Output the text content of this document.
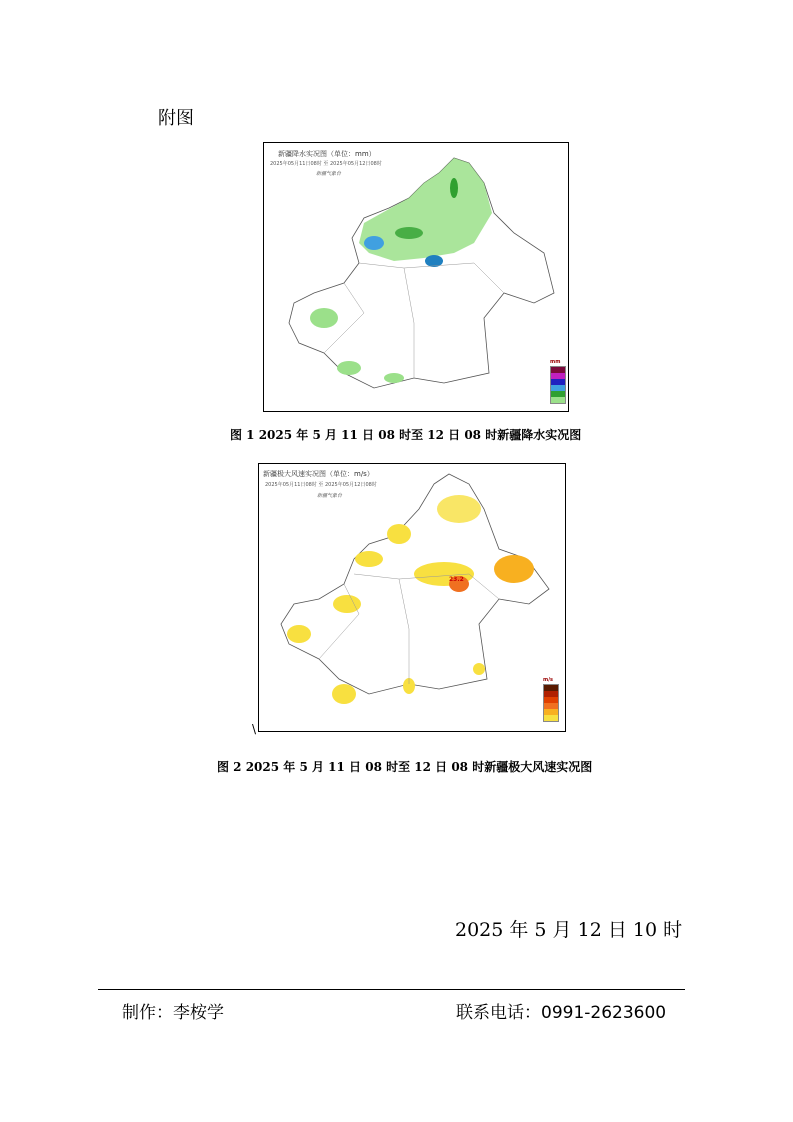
附图
新疆降水实况图（单位：mm）
2025年05月11日08时 至 2025年05月12日08时
新疆气象台
mm
图 1 2025 年 5 月 11 日 08 时至 12 日 08 时新疆降水实况图
新疆极大风速实况图（单位：m/s）
2025年05月11日08时 至 2025年05月12日08时
新疆气象台
23.2
m/s
\
图 2 2025 年 5 月 11 日 08 时至 12 日 08 时新疆极大风速实况图
2025 年 5 月 12 日 10 时
制作：李桉学	联系电话：0991-2623600
